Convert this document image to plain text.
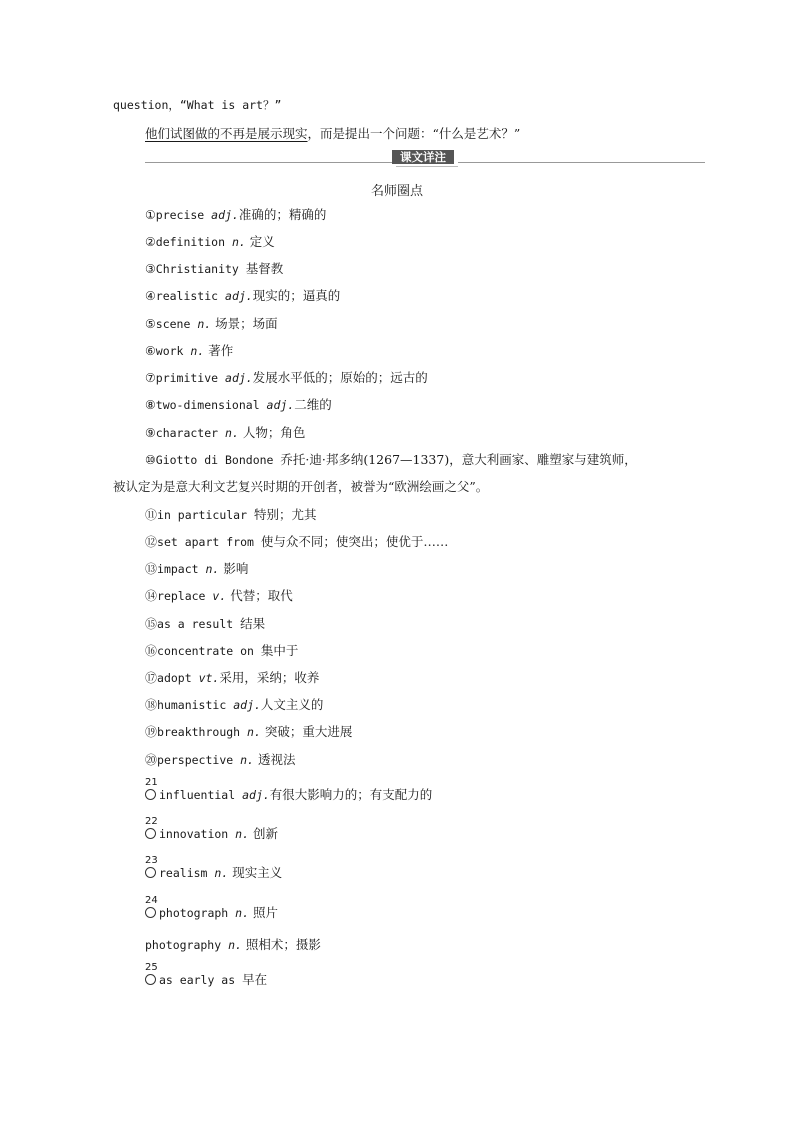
question，“What is art？”
他们试图做的不再是展示现实，而是提出一个问题：“什么是艺术？”
课文详注
名师圈点
①precise adj.准确的；精确的
②definition n. 定义
③Christianity 基督教
④realistic adj.现实的；逼真的
⑤scene n. 场景；场面
⑥work n. 著作
⑦primitive adj.发展水平低的；原始的；远古的
⑧two-dimensional adj.二维的
⑨character n. 人物；角色
⑩Giotto di Bondone 乔托·迪·邦多纳(1267—1337)，意大利画家、雕塑家与建筑师，
被认定为是意大利文艺复兴时期的开创者，被誉为“欧洲绘画之父”。
⑪in particular 特别；尤其
⑫set apart from 使与众不同；使突出；使优于……
⑬impact n. 影响
⑭replace v. 代替；取代
⑮as a result 结果
⑯concentrate on 集中于
⑰adopt vt.采用，采纳；收养
⑱humanistic adj.人文主义的
⑲breakthrough n. 突破；重大进展
⑳perspective n. 透视法
21
influential adj.有很大影响力的；有支配力的
22
innovation n. 创新
23
realism n. 现实主义
24
photograph n. 照片
photography n. 照相术；摄影
25
as early as 早在
